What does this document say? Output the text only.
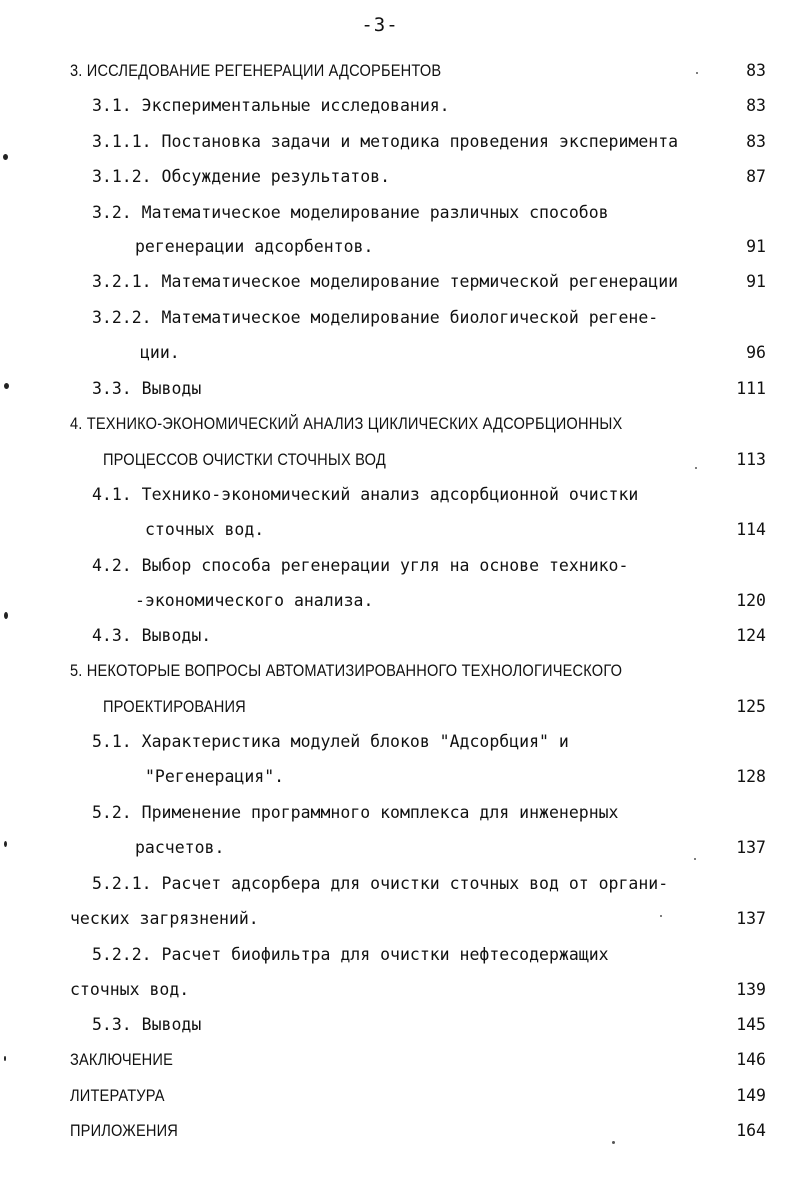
-3-
3. ИССЛЕДОВАНИЕ РЕГЕНЕРАЦИИ АДСОРБЕНТОВ	83
3.1. Экспериментальные исследования.	83
3.1.1. Постановка задачи и методика проведения эксперимента	83
3.1.2. Обсуждение результатов.	87
3.2. Математическое моделирование различных способов
регенерации адсорбентов.	91
3.2.1. Математическое моделирование термической регенерации	91
3.2.2. Математическое моделирование биологической регене-
ции.	96
3.3. Выводы	111
4. ТЕХНИКО-ЭКОНОМИЧЕСКИЙ АНАЛИЗ ЦИКЛИЧЕСКИХ АДСОРБЦИОННЫХ
ПРОЦЕССОВ ОЧИСТКИ СТОЧНЫХ ВОД	113
4.1. Технико-экономический анализ адсорбционной очистки
сточных вод.	114
4.2. Выбор способа регенерации угля на основе технико-
-экономического анализа.	120
4.3. Выводы.	124
5. НЕКОТОРЫЕ ВОПРОСЫ АВТОМАТИЗИРОВАННОГО ТЕХНОЛОГИЧЕСКОГО
ПРОЕКТИРОВАНИЯ	125
5.1. Характеристика модулей блоков "Адсорбция" и
"Регенерация".	128
5.2. Применение программного комплекса для инженерных
расчетов.	137
5.2.1. Расчет адсорбера для очистки сточных вод от органи-
ческих загрязнений.	137
5.2.2. Расчет биофильтра для очистки нефтесодержащих
сточных вод.	139
5.3. Выводы	145
ЗАКЛЮЧЕНИЕ	146
ЛИТЕРАТУРА	149
ПРИЛОЖЕНИЯ	164
